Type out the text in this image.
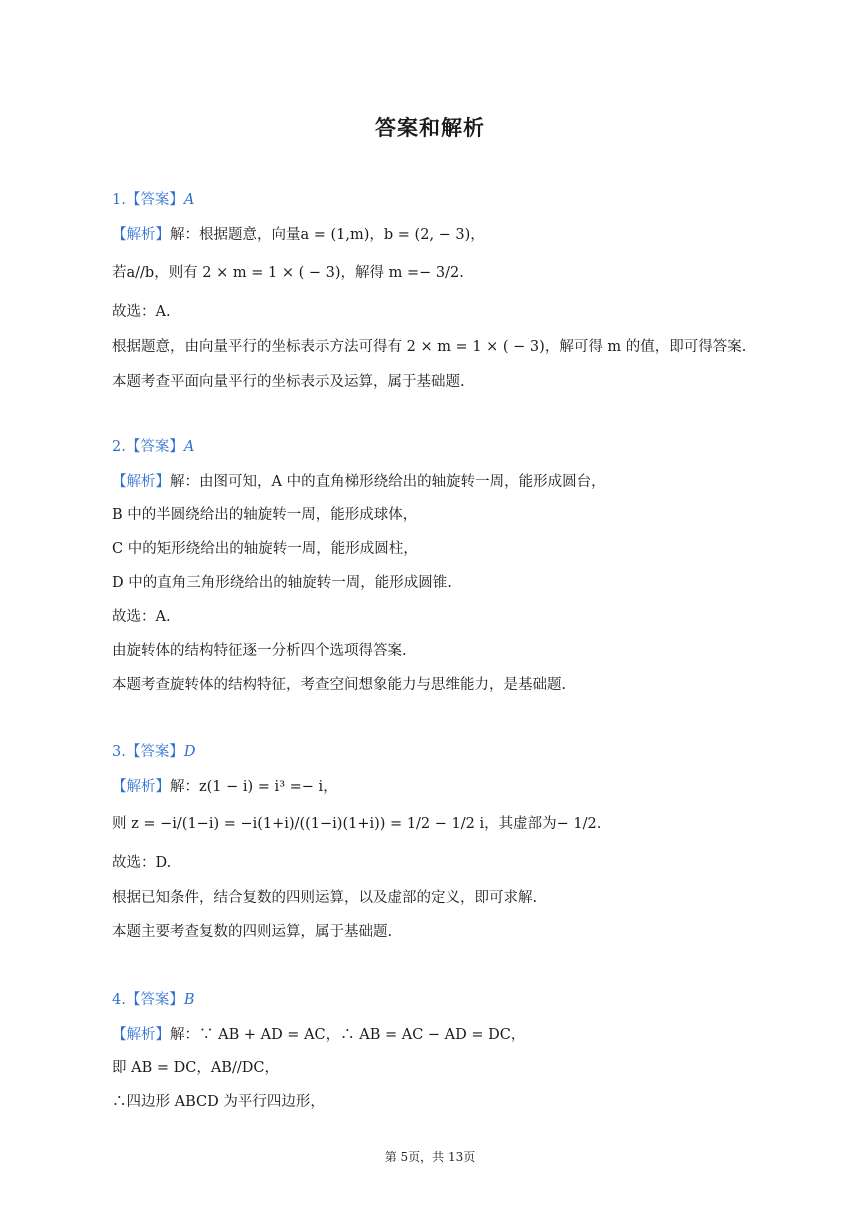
答案和解析
1.【答案】A
【解析】解：根据题意，向量a = (1,m)，b = (2, − 3)，
若a//b，则有 2 × m = 1 × ( − 3)，解得 m =− 3/2.
故选：A.
根据题意，由向量平行的坐标表示方法可得有 2 × m = 1 × ( − 3)，解可得 m 的值，即可得答案.
本题考查平面向量平行的坐标表示及运算，属于基础题.
2.【答案】A
【解析】解：由图可知，A 中的直角梯形绕给出的轴旋转一周，能形成圆台，
B 中的半圆绕给出的轴旋转一周，能形成球体，
C 中的矩形绕给出的轴旋转一周，能形成圆柱，
D 中的直角三角形绕给出的轴旋转一周，能形成圆锥.
故选：A.
由旋转体的结构特征逐一分析四个选项得答案.
本题考查旋转体的结构特征，考查空间想象能力与思维能力，是基础题.
3.【答案】D
【解析】解：z(1 − i) = i³ =− i，
则 z = −i/(1−i) = −i(1+i)/((1−i)(1+i)) = 1/2 − 1/2 i，其虚部为− 1/2.
故选：D.
根据已知条件，结合复数的四则运算，以及虚部的定义，即可求解.
本题主要考查复数的四则运算，属于基础题.
4.【答案】B
【解析】解：∵ AB + AD = AC，∴ AB = AC − AD = DC，
即 AB = DC，AB//DC，
∴四边形 ABCD 为平行四边形，
第 5页，共 13页
